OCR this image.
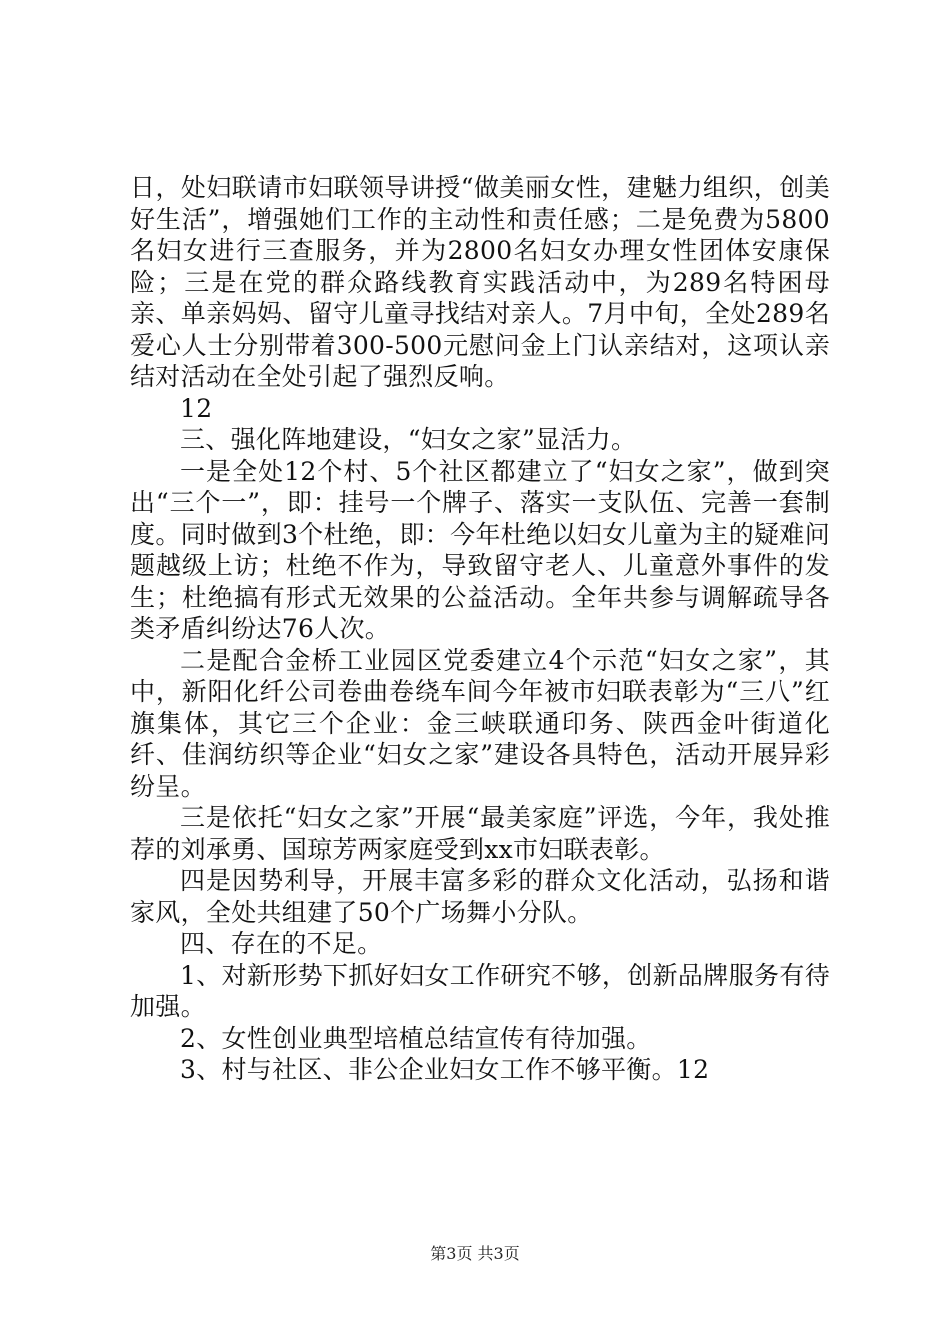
日，处妇联请市妇联领导讲授“做美丽女性，建魅力组织，创美好生活”，增强她们工作的主动性和责任感；二是免费为5800名妇女进行三查服务，并为2800名妇女办理女性团体安康保险；三是在党的群众路线教育实践活动中，为289名特困母亲、单亲妈妈、留守儿童寻找结对亲人。7月中旬，全处289名爱心人士分别带着300-500元慰问金上门认亲结对，这项认亲结对活动在全处引起了强烈反响。

12

三、强化阵地建设，“妇女之家”显活力。

一是全处12个村、5个社区都建立了“妇女之家”，做到突出“三个一”，即：挂号一个牌子、落实一支队伍、完善一套制度。同时做到3个杜绝，即：今年杜绝以妇女儿童为主的疑难问题越级上访；杜绝不作为，导致留守老人、儿童意外事件的发生；杜绝搞有形式无效果的公益活动。全年共参与调解疏导各类矛盾纠纷达76人次。

二是配合金桥工业园区党委建立4个示范“妇女之家”，其中，新阳化纤公司卷曲卷绕车间今年被市妇联表彰为“三八”红旗集体，其它三个企业：金三峡联通印务、陕西金叶街道化纤、佳润纺织等企业“妇女之家”建设各具特色，活动开展异彩纷呈。

三是依托“妇女之家”开展“最美家庭”评选，今年，我处推荐的刘承勇、国琼芳两家庭受到xx市妇联表彰。

四是因势利导，开展丰富多彩的群众文化活动，弘扬和谐家风，全处共组建了50个广场舞小分队。

四、存在的不足。

1、对新形势下抓好妇女工作研究不够，创新品牌服务有待加强。

2、女性创业典型培植总结宣传有待加强。

3、村与社区、非公企业妇女工作不够平衡。12

第3页 共3页
